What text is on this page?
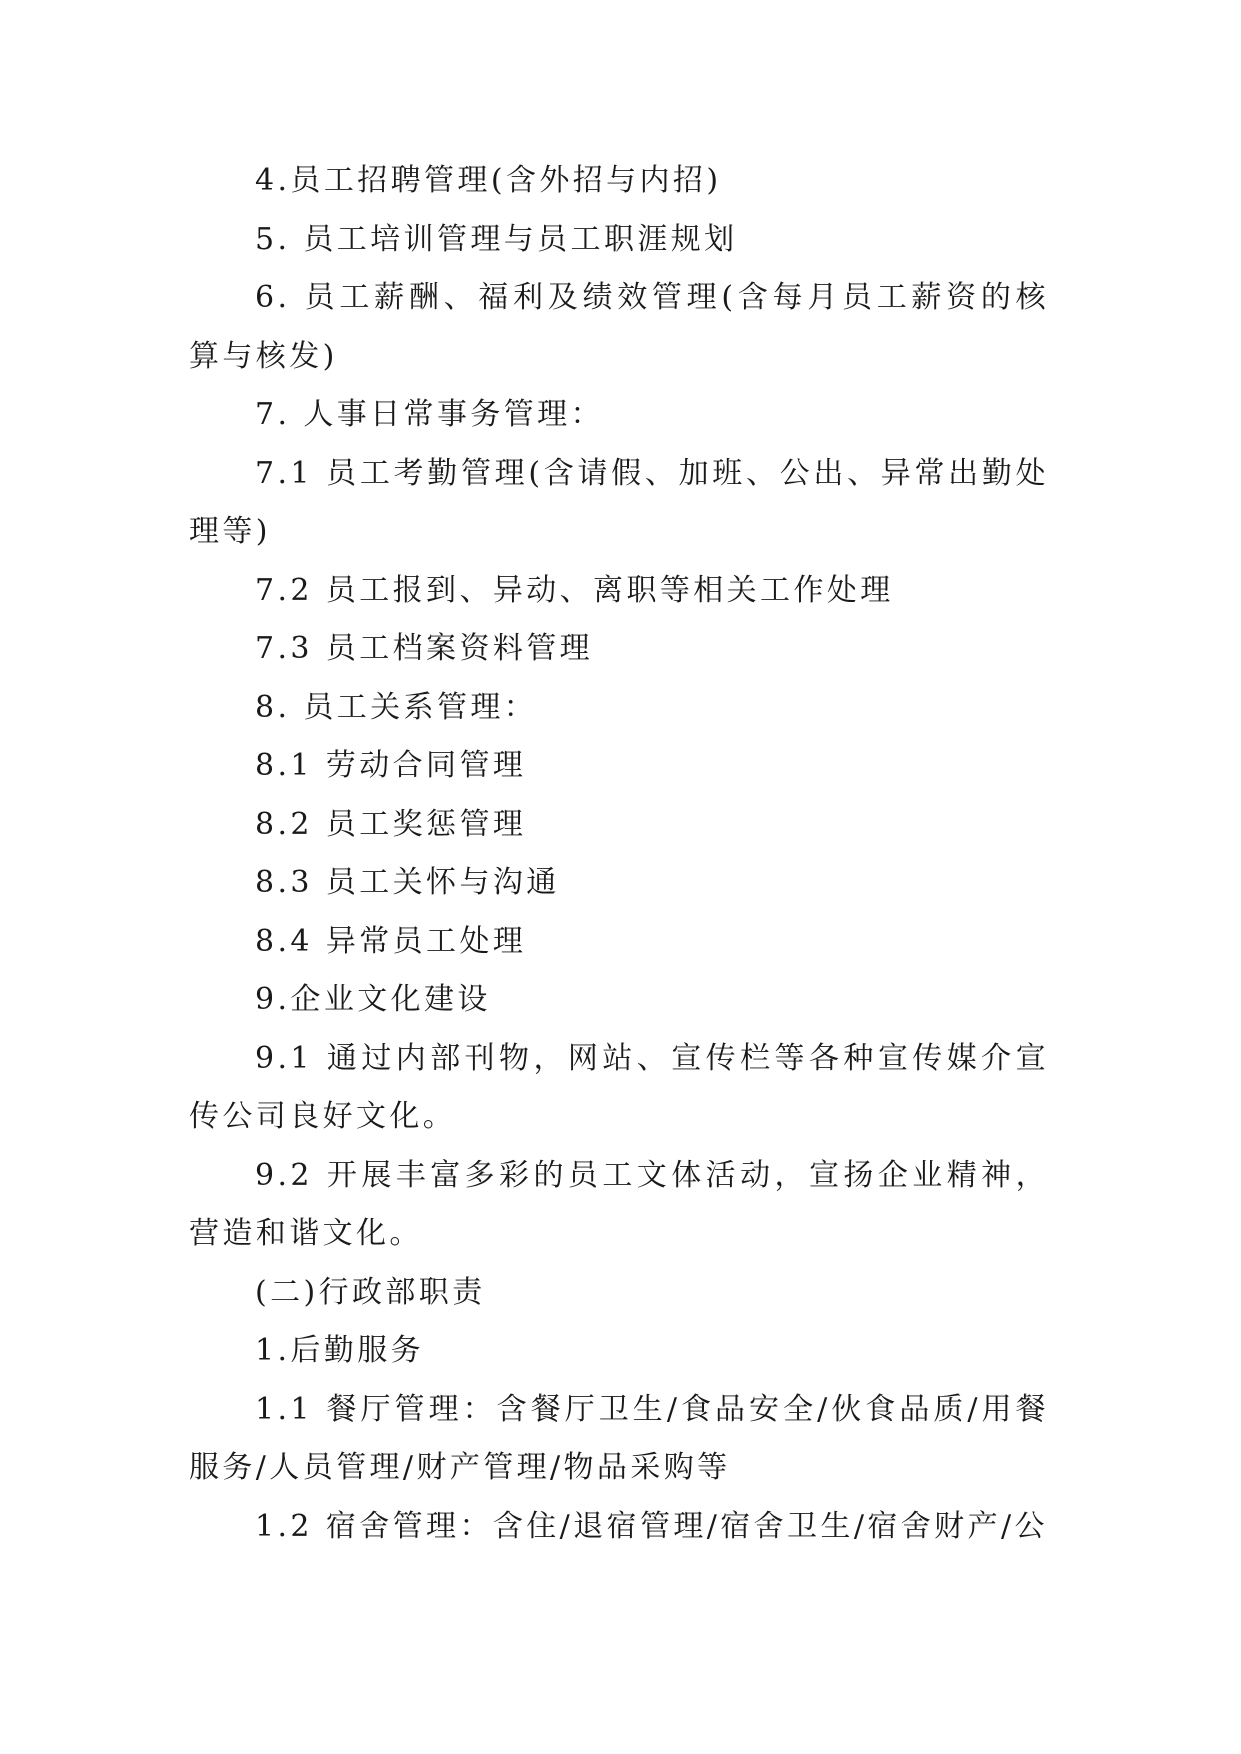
4.员工招聘管理(含外招与内招)

5. 员工培训管理与员工职涯规划

6. 员工薪酬、福利及绩效管理(含每月员工薪资的核算与核发)

7. 人事日常事务管理：

7.1 员工考勤管理(含请假、加班、公出、异常出勤处理等)

7.2 员工报到、异动、离职等相关工作处理

7.3 员工档案资料管理

8. 员工关系管理：

8.1 劳动合同管理

8.2 员工奖惩管理

8.3 员工关怀与沟通

8.4 异常员工处理

9.企业文化建设

9.1 通过内部刊物，网站、宣传栏等各种宣传媒介宣传公司良好文化。

9.2 开展丰富多彩的员工文体活动，宣扬企业精神，营造和谐文化。

(二)行政部职责

1.后勤服务

1.1 餐厅管理：含餐厅卫生/食品安全/伙食品质/用餐服务/人员管理/财产管理/物品采购等

1.2 宿舍管理：含住/退宿管理/宿舍卫生/宿舍财产/公
